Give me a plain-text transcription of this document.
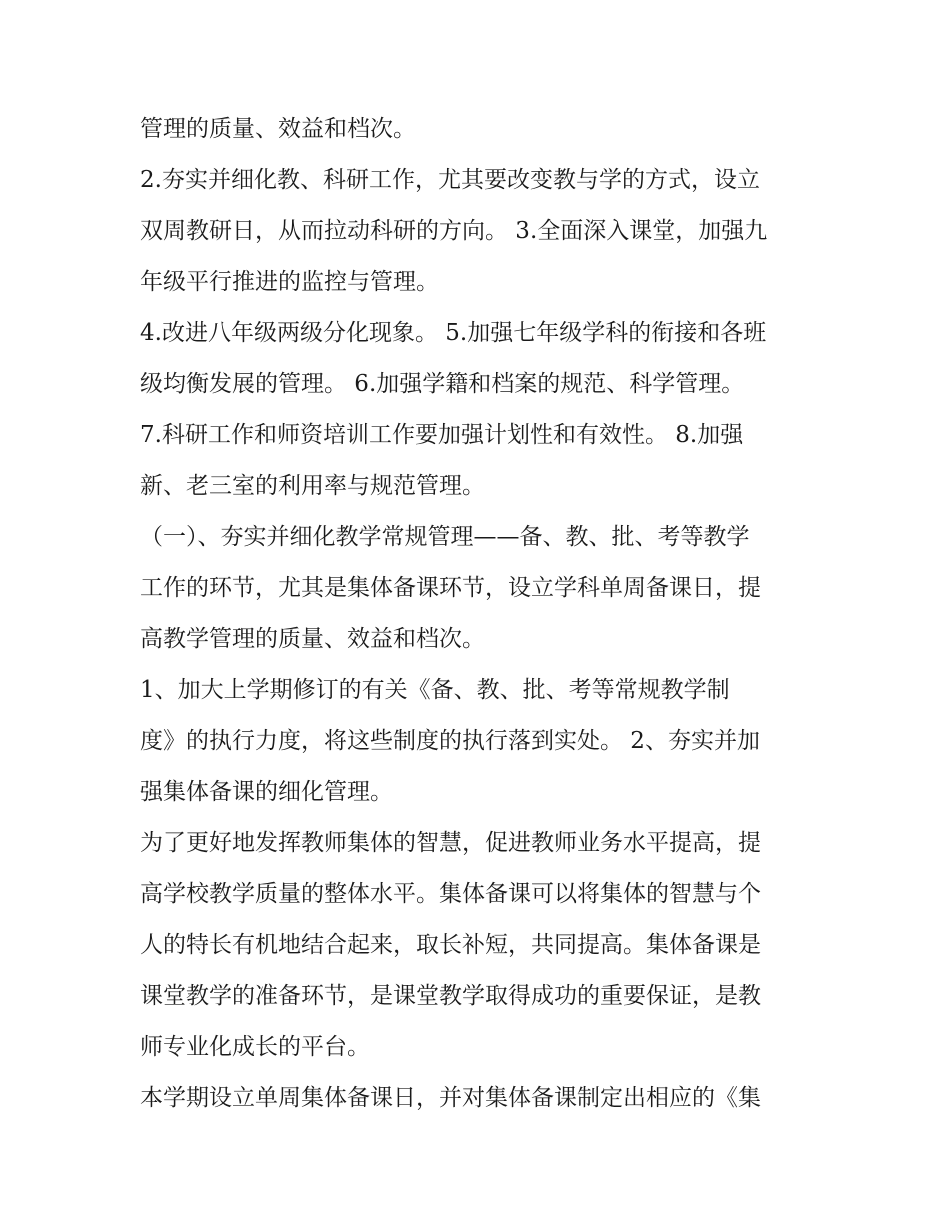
管理的质量、效益和档次。
2.夯实并细化教、科研工作，尤其要改变教与学的方式，设立
双周教研日，从而拉动科研的方向。 3.全面深入课堂，加强九
年级平行推进的监控与管理。
4.改进八年级两级分化现象。 5.加强七年级学科的衔接和各班
级均衡发展的管理。 6.加强学籍和档案的规范、科学管理。
7.科研工作和师资培训工作要加强计划性和有效性。 8.加强
新、老三室的利用率与规范管理。
（一）、夯实并细化教学常规管理——备、教、批、考等教学
工作的环节，尤其是集体备课环节，设立学科单周备课日，提
高教学管理的质量、效益和档次。
1、加大上学期修订的有关《备、教、批、考等常规教学制
度》的执行力度，将这些制度的执行落到实处。 2、夯实并加
强集体备课的细化管理。
为了更好地发挥教师集体的智慧，促进教师业务水平提高，提
高学校教学质量的整体水平。集体备课可以将集体的智慧与个
人的特长有机地结合起来，取长补短，共同提高。集体备课是
课堂教学的准备环节，是课堂教学取得成功的重要保证，是教
师专业化成长的平台。
本学期设立单周集体备课日，并对集体备课制定出相应的《集
